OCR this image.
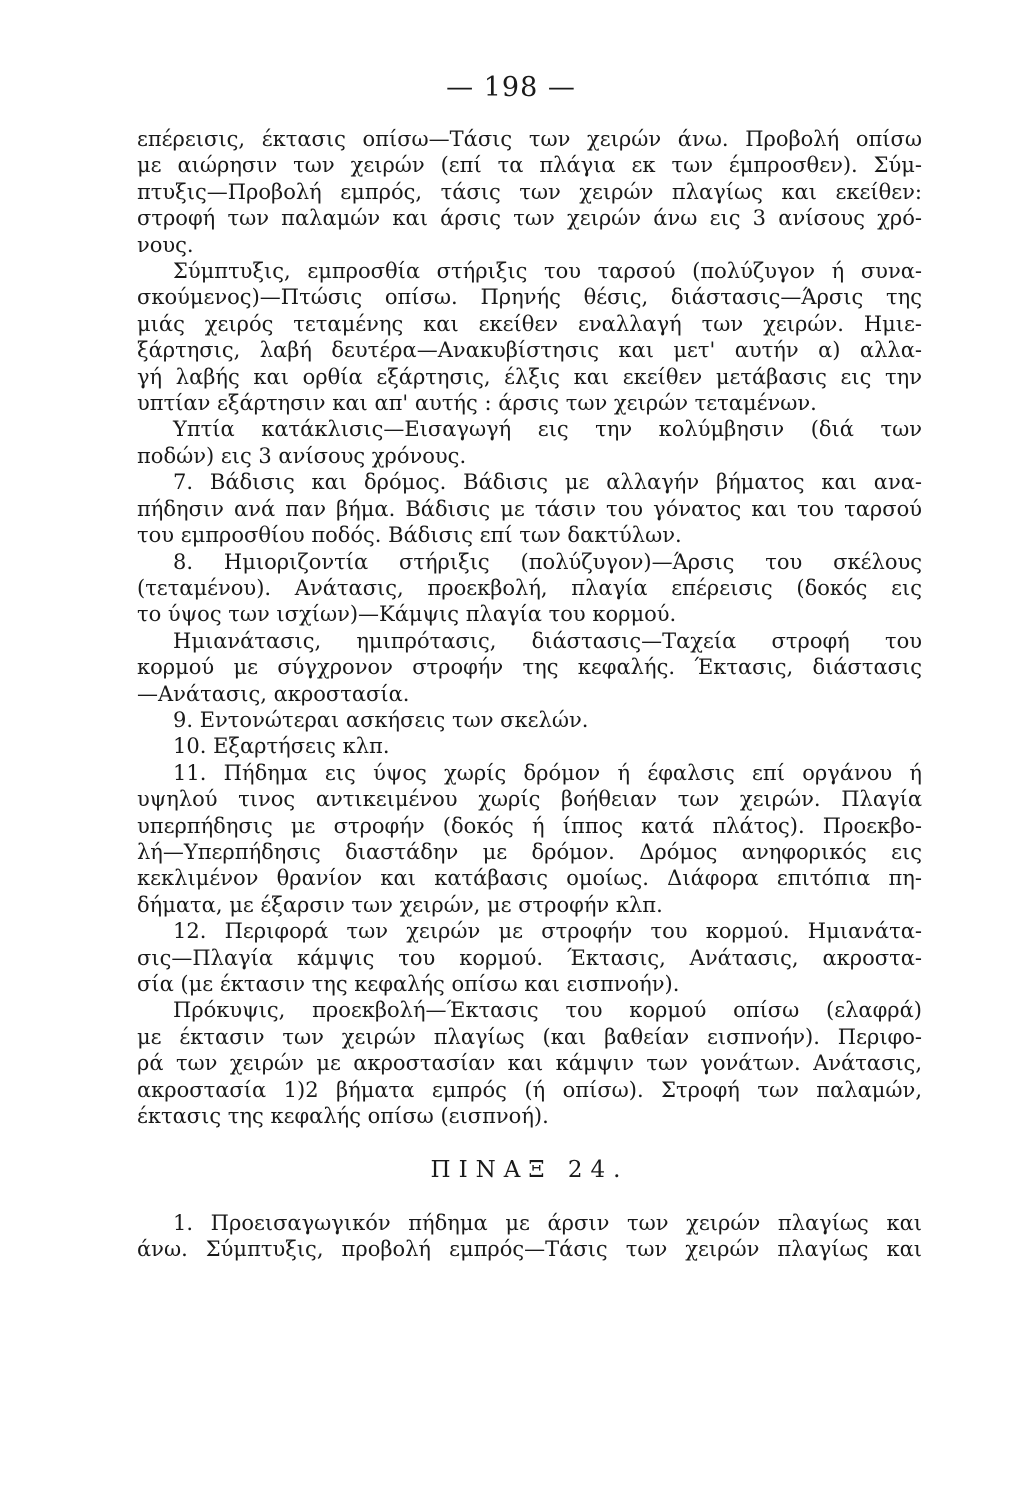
— 198 —

επέρεισις, έκτασις οπίσω—Τάσις των χειρών άνω. Προβολή οπίσω
με αιώρησιν των χειρών (επί τα πλάγια εκ των έμπροσθεν). Σύμ-
πτυξις—Προβολή εμπρός, τάσις των χειρών πλαγίως και εκείθεν:
στροφή των παλαμών και άρσις των χειρών άνω εις 3 ανίσους χρό-
νους.

Σύμπτυξις, εμπροσθία στήριξις του ταρσού (πολύζυγον ή συνα-
σκούμενος)—Πτώσις οπίσω. Πρηνής θέσις, διάστασις—Άρσις της
μιάς χειρός τεταμένης και εκείθεν εναλλαγή των χειρών. Ημιε-
ξάρτησις, λαβή δευτέρα—Ανακυβίστησις και μετ' αυτήν α) αλλα-
γή λαβής και ορθία εξάρτησις, έλξις και εκείθεν μετάβασις εις την
υπτίαν εξάρτησιν και απ' αυτής : άρσις των χειρών τεταμένων.

Υπτία κατάκλισις—Εισαγωγή εις την κολύμβησιν (διά των
ποδών) εις 3 ανίσους χρόνους.

7. Βάδισις και δρόμος. Βάδισις με αλλαγήν βήματος και ανα-
πήδησιν ανά παν βήμα. Βάδισις με τάσιν του γόνατος και του ταρσού
του εμπροσθίου ποδός. Βάδισις επί των δακτύλων.

8. Ημιοριζοντία στήριξις (πολύζυγον)—Άρσις του σκέλους
(τεταμένου). Ανάτασις, προεκβολή, πλαγία επέρεισις (δοκός εις
το ύψος των ισχίων)—Κάμψις πλαγία του κορμού.

Ημιανάτασις, ημιπρότασις, διάστασις—Ταχεία στροφή του
κορμού με σύγχρονον στροφήν της κεφαλής. Έκτασις, διάστασις
—Ανάτασις, ακροστασία.

9. Εντονώτεραι ασκήσεις των σκελών.

10. Εξαρτήσεις κλπ.

11. Πήδημα εις ύψος χωρίς δρόμον ή έφαλσις επί οργάνου ή
υψηλού τινος αντικειμένου χωρίς βοήθειαν των χειρών. Πλαγία
υπερπήδησις με στροφήν (δοκός ή ίππος κατά πλάτος). Προεκβο-
λή—Υπερπήδησις διαστάδην με δρόμον. Δρόμος ανηφορικός εις
κεκλιμένον θρανίον και κατάβασις ομοίως. Διάφορα επιτόπια πη-
δήματα, με έξαρσιν των χειρών, με στροφήν κλπ.

12. Περιφορά των χειρών με στροφήν του κορμού. Ημιανάτα-
σις—Πλαγία κάμψις του κορμού. Έκτασις, Ανάτασις, ακροστα-
σία (με έκτασιν της κεφαλής οπίσω και εισπνοήν).

Πρόκυψις, προεκβολή—Έκτασις του κορμού οπίσω (ελαφρά)
με έκτασιν των χειρών πλαγίως (και βαθείαν εισπνοήν). Περιφο-
ρά των χειρών με ακροστασίαν και κάμψιν των γονάτων. Ανάτασις,
ακροστασία 1)2 βήματα εμπρός (ή οπίσω). Στροφή των παλαμών,
έκτασις της κεφαλής οπίσω (εισπνοή).

ΠΙΝΑΞ 24.

1. Προεισαγωγικόν πήδημα με άρσιν των χειρών πλαγίως και
άνω. Σύμπτυξις, προβολή εμπρός—Τάσις των χειρών πλαγίως και
